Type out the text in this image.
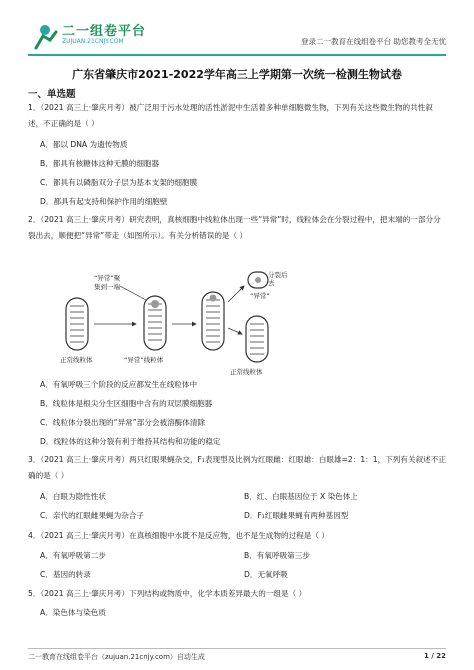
二一组卷平台
ZUJUAN.21CNJY.COM	登录二一教育在线组卷平台 助您教考全无忧
广东省肇庆市2021-2022学年高三上学期第一次统一检测生物试卷
一、单选题
1．（2021 高三上·肇庆月考）被广泛用于污水处理的活性淤泥中生活着多种单细胞微生物，下列有关这些微生物的共性叙述，不正确的是（ ）
A．都以 DNA 为遗传物质
B．都具有核糖体这种无膜的细胞器
C．都具有以磷脂双分子层为基本支架的细胞膜
D．都具有起支持和保护作用的细胞壁
2．（2021 高三上·肇庆月考）研究表明，真核细胞中线粒体出现一些“异常”时，线粒体会在分裂过程中，把末端的一部分分裂出去，顺便把“异常”带走（如图所示）。有关分析错误的是（ ）
“异常”聚
集到一端
分裂后
去
“异常”
正常线粒体	“异常”线粒体
正常线粒体
A．有氧呼吸三个阶段的反应都发生在线粒体中
B．线粒体是根尖分生区细胞中含有的双层膜细胞器
C．线粒体分裂出现的“异常”部分会被溶酶体清除
D．线粒体的这种分裂有利于维持其结构和功能的稳定
3．（2021 高三上·肇庆月考）两只红眼果蝇杂交，F₁表现型及比例为红眼雌：红眼雄：白眼雄=2：1：1，下列有关叙述不正确的是（ ）
A．白眼为隐性性状	B．红、白眼基因位于 X 染色体上
C．亲代的红眼雌果蝇为杂合子	D．F₁红眼雌果蝇有两种基因型
4．（2021 高三上·肇庆月考）在真核细胞中水既不是反应物，也不是生成物的过程是（ ）
A．有氧呼吸第二步	B．有氧呼吸第三步
C．基因的转录	D．无氧呼吸
5．（2021 高三上·肇庆月考）下列结构或物质中，化学本质差异最大的一组是（ ）
A．染色体与染色质
二一教育在线组卷平台（zujuan.21cnjy.com）自动生成	1 / 22
